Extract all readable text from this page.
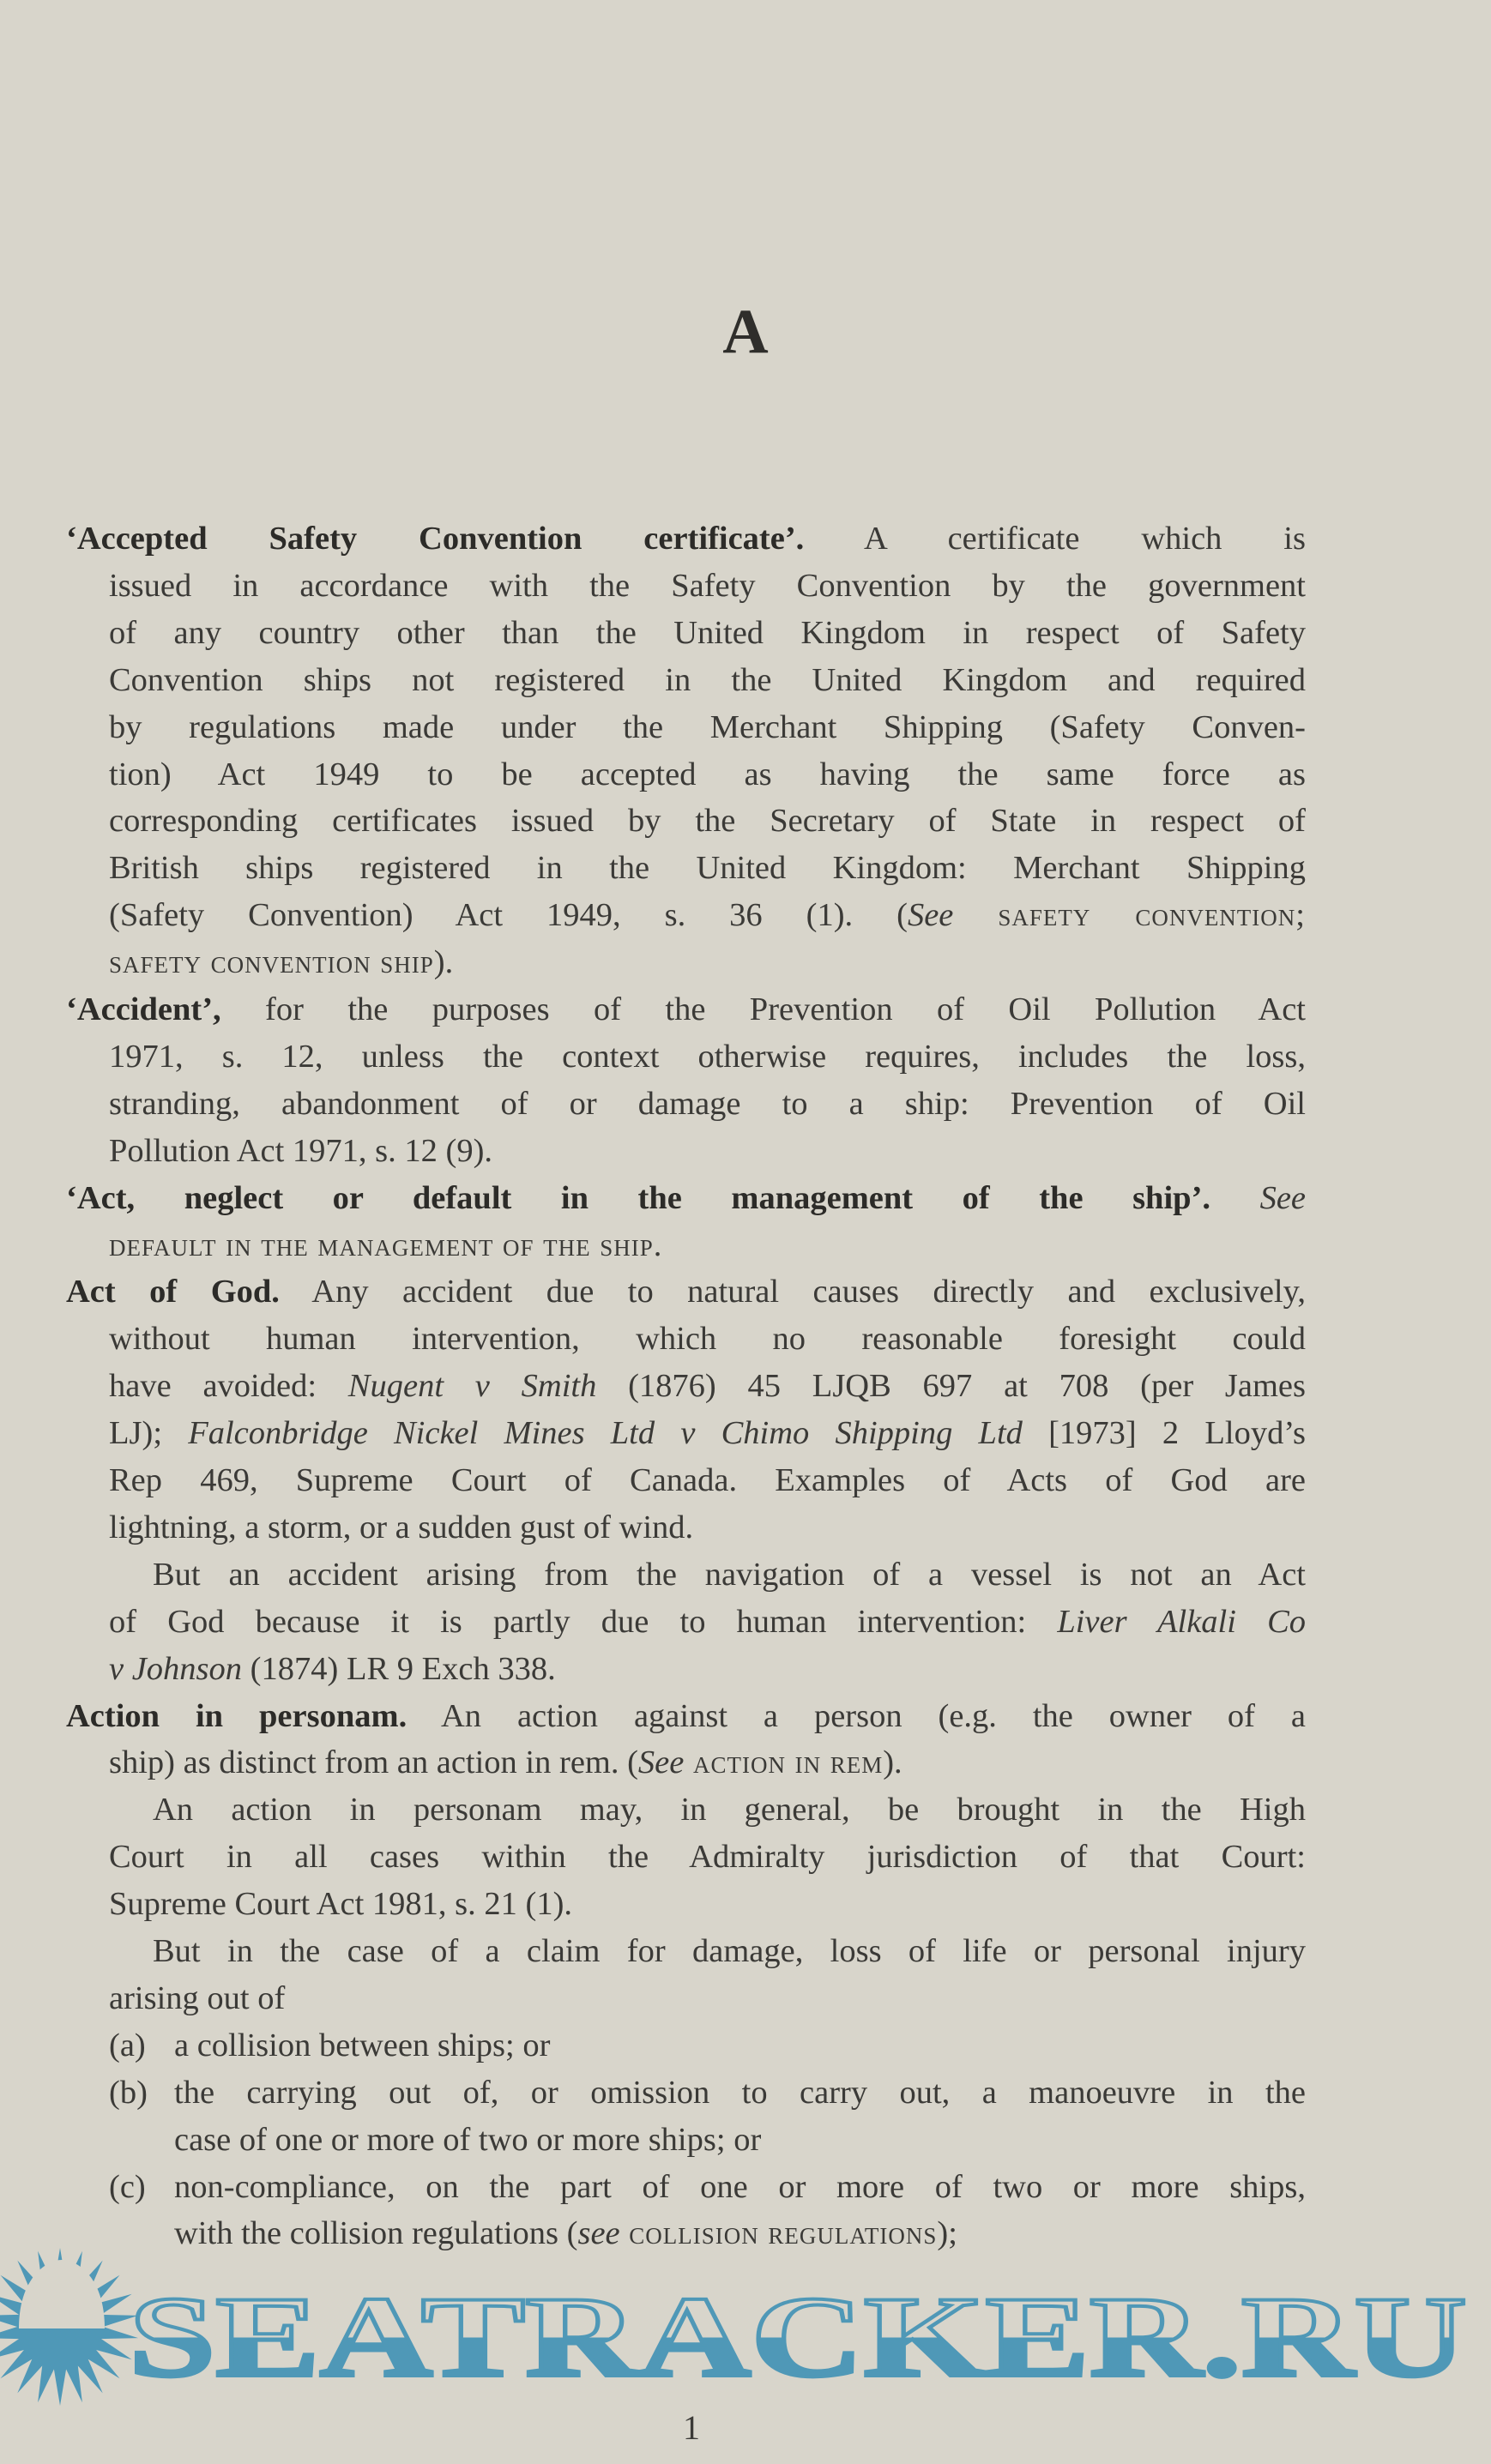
A
‘Accepted Safety Convention certificate’. A certificate which is
issued in accordance with the Safety Convention by the government
of any country other than the United Kingdom in respect of Safety
Convention ships not registered in the United Kingdom and required
by regulations made under the Merchant Shipping (Safety Conven-
tion) Act 1949 to be accepted as having the same force as
corresponding certificates issued by the Secretary of State in respect of
British ships registered in the United Kingdom: Merchant Shipping
(Safety Convention) Act 1949, s. 36 (1). (See safety convention;
safety convention ship).
‘Accident’, for the purposes of the Prevention of Oil Pollution Act
1971, s. 12, unless the context otherwise requires, includes the loss,
stranding, abandonment of or damage to a ship: Prevention of Oil
Pollution Act 1971, s. 12 (9).
‘Act, neglect or default in the management of the ship’. See
default in the management of the ship.
Act of God. Any accident due to natural causes directly and exclusively,
without human intervention, which no reasonable foresight could
have avoided: Nugent v Smith (1876) 45 LJQB 697 at 708 (per James
LJ); Falconbridge Nickel Mines Ltd v Chimo Shipping Ltd [1973] 2 Lloyd’s
Rep 469, Supreme Court of Canada. Examples of Acts of God are
lightning, a storm, or a sudden gust of wind.
But an accident arising from the navigation of a vessel is not an Act
of God because it is partly due to human intervention: Liver Alkali Co
v Johnson (1874) LR 9 Exch 338.
Action in personam. An action against a person (e.g. the owner of a
ship) as distinct from an action in rem. (See action in rem).
An action in personam may, in general, be brought in the High
Court in all cases within the Admiralty jurisdiction of that Court:
Supreme Court Act 1981, s. 21 (1).
But in the case of a claim for damage, loss of life or personal injury
arising out of
(a) a collision between ships; or
(b) the carrying out of, or omission to carry out, a manoeuvre in the
case of one or more of two or more ships; or
(c) non-compliance, on the part of one or more of two or more ships,
with the collision regulations (see collision regulations);
SEATRACKER.RU
1
